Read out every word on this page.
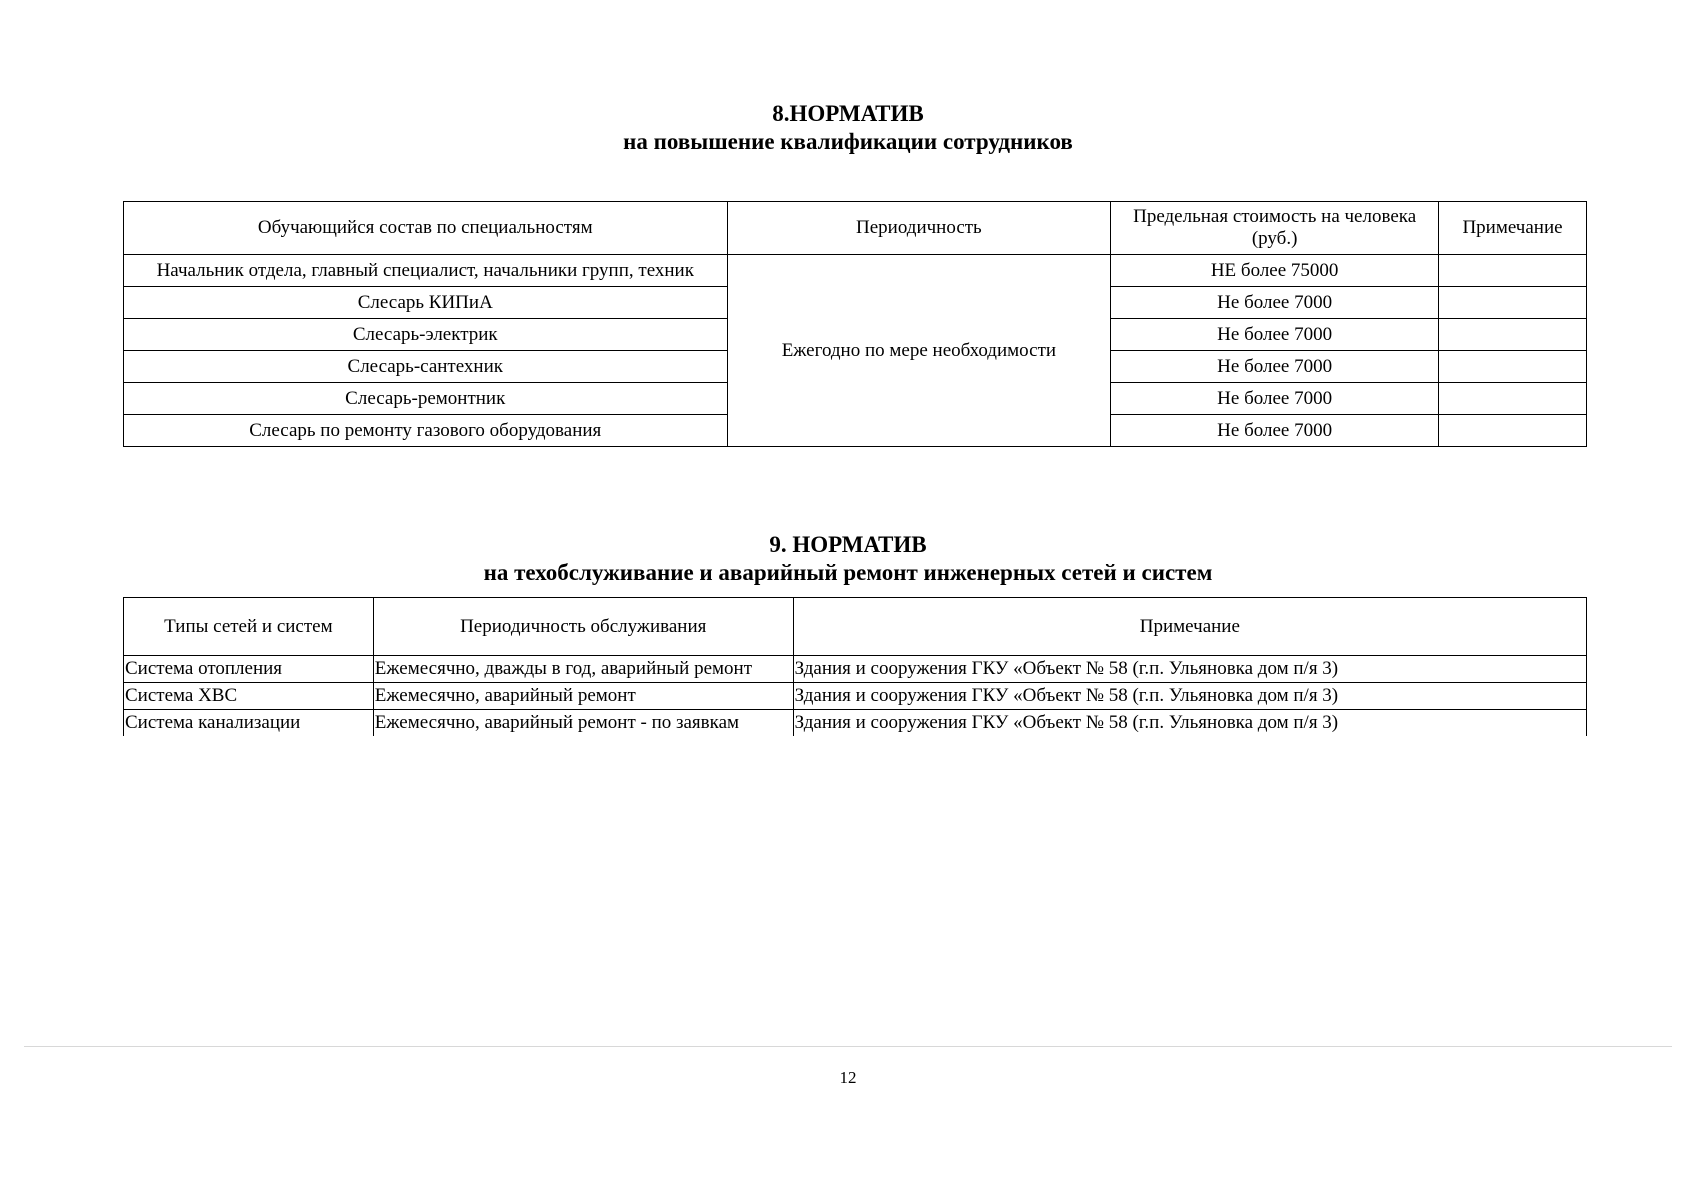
8.НОРМАТИВ
на повышение квалификации сотрудников
Обучающийся состав по специальностям	Периодичность	Предельная стоимость на человека (руб.)	Примечание
Начальник отдела, главный специалист, начальники групп, техник	Ежегодно по мере необходимости	НЕ более 75000	
Слесарь КИПиА		Не более 7000	
Слесарь-электрик		Не более 7000	
Слесарь-сантехник		Не более 7000	
Слесарь-ремонтник		Не более 7000	
Слесарь по ремонту газового оборудования		Не более 7000	
9. НОРМАТИВ
на техобслуживание и аварийный ремонт инженерных сетей и систем
Типы сетей и систем	Периодичность обслуживания	Примечание
Система отопления	Ежемесячно, дважды в год, аварийный ремонт	Здания и сооружения ГКУ «Объект № 58 (г.п. Ульяновка дом п/я 3)
Система ХВС	Ежемесячно, аварийный ремонт	Здания и сооружения ГКУ «Объект № 58 (г.п. Ульяновка дом п/я 3)
Система канализации	Ежемесячно, аварийный ремонт - по заявкам	Здания и сооружения ГКУ «Объект № 58 (г.п. Ульяновка дом п/я 3)
12
